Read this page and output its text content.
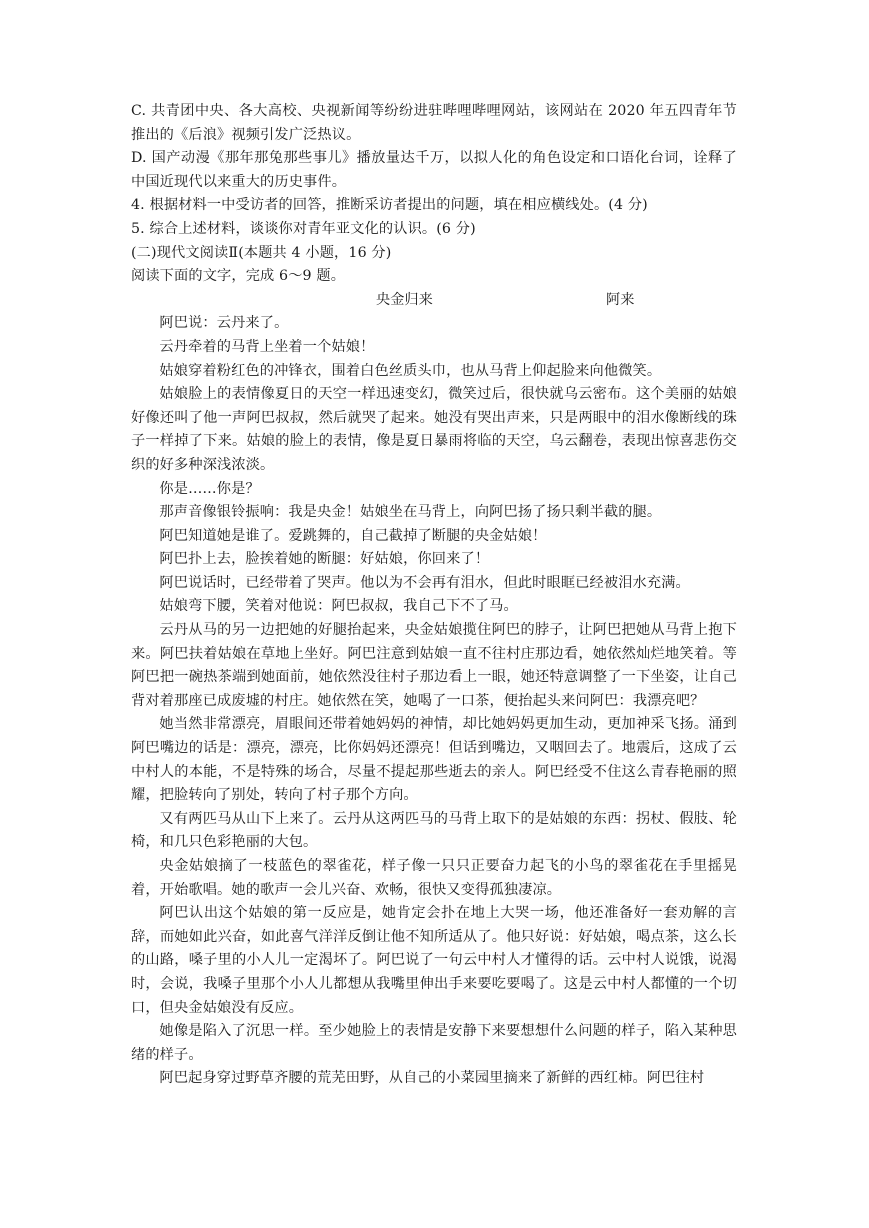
C. 共青团中央、各大高校、央视新闻等纷纷进驻哔哩哔哩网站，该网站在 2020 年五四青年节推出的《后浪》视频引发广泛热议。

D. 国产动漫《那年那兔那些事儿》播放量达千万，以拟人化的角色设定和口语化台词，诠释了中国近现代以来重大的历史事件。

4. 根据材料一中受访者的回答，推断采访者提出的问题，填在相应横线处。(4 分)

5. 综合上述材料，谈谈你对青年亚文化的认识。(6 分)

(二)现代文阅读Ⅱ(本题共 4 小题，16 分)

阅读下面的文字，完成 6～9 题。

央金归来	阿来

阿巴说：云丹来了。

云丹牵着的马背上坐着一个姑娘！

姑娘穿着粉红色的冲锋衣，围着白色丝质头巾，也从马背上仰起脸来向他微笑。

姑娘脸上的表情像夏日的天空一样迅速变幻，微笑过后，很快就乌云密布。这个美丽的姑娘好像还叫了他一声阿巴叔叔，然后就哭了起来。她没有哭出声来，只是两眼中的泪水像断线的珠子一样掉了下来。姑娘的脸上的表情，像是夏日暴雨将临的天空，乌云翻卷，表现出惊喜悲伤交织的好多种深浅浓淡。

你是……你是？

那声音像银铃振响：我是央金！姑娘坐在马背上，向阿巴扬了扬只剩半截的腿。

阿巴知道她是谁了。爱跳舞的，自己截掉了断腿的央金姑娘！

阿巴扑上去，脸挨着她的断腿：好姑娘，你回来了！

阿巴说话时，已经带着了哭声。他以为不会再有泪水，但此时眼眶已经被泪水充满。

姑娘弯下腰，笑着对他说：阿巴叔叔，我自己下不了马。

云丹从马的另一边把她的好腿抬起来，央金姑娘揽住阿巴的脖子，让阿巴把她从马背上抱下来。阿巴扶着姑娘在草地上坐好。阿巴注意到姑娘一直不往村庄那边看，她依然灿烂地笑着。等阿巴把一碗热茶端到她面前，她依然没往村子那边看上一眼，她还特意调整了一下坐姿，让自己背对着那座已成废墟的村庄。她依然在笑，她喝了一口茶，便抬起头来问阿巴：我漂亮吧？

她当然非常漂亮，眉眼间还带着她妈妈的神情，却比她妈妈更加生动，更加神采飞扬。涌到阿巴嘴边的话是：漂亮，漂亮，比你妈妈还漂亮！但话到嘴边，又咽回去了。地震后，这成了云中村人的本能，不是特殊的场合，尽量不提起那些逝去的亲人。阿巴经受不住这么青春艳丽的照耀，把脸转向了别处，转向了村子那个方向。

又有两匹马从山下上来了。云丹从这两匹马的马背上取下的是姑娘的东西：拐杖、假肢、轮椅，和几只色彩艳丽的大包。

央金姑娘摘了一枝蓝色的翠雀花，样子像一只只正要奋力起飞的小鸟的翠雀花在手里摇晃着，开始歌唱。她的歌声一会儿兴奋、欢畅，很快又变得孤独凄凉。

阿巴认出这个姑娘的第一反应是，她肯定会扑在地上大哭一场，他还准备好一套劝解的言辞，而她如此兴奋，如此喜气洋洋反倒让他不知所适从了。他只好说：好姑娘，喝点茶，这么长的山路，嗓子里的小人儿一定渴坏了。阿巴说了一句云中村人才懂得的话。云中村人说饿，说渴时，会说，我嗓子里那个小人儿都想从我嘴里伸出手来要吃要喝了。这是云中村人都懂的一个切口，但央金姑娘没有反应。

她像是陷入了沉思一样。至少她脸上的表情是安静下来要想想什么问题的样子，陷入某种思绪的样子。

阿巴起身穿过野草齐腰的荒芜田野，从自己的小菜园里摘来了新鲜的西红柿。阿巴往村
